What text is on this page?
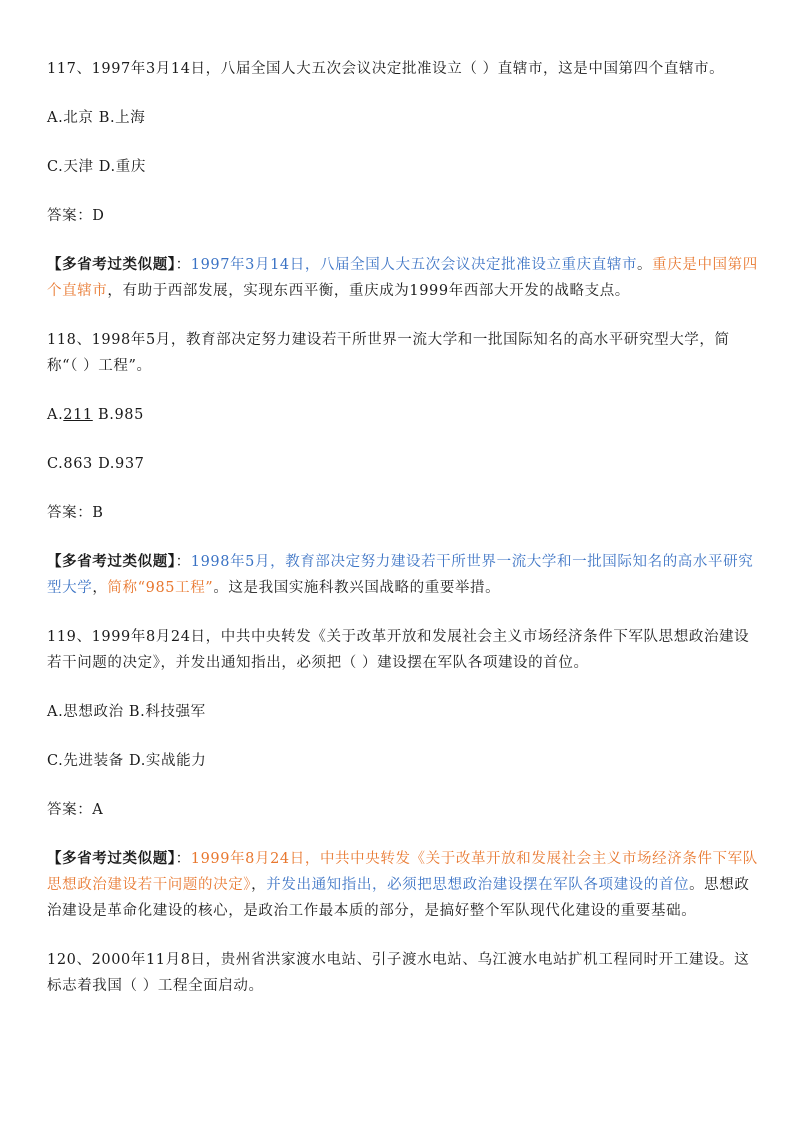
117、1997年3月14日，八届全国人大五次会议决定批准设立（ ）直辖市，这是中国第四个直辖市。

A.北京 B.上海

C.天津 D.重庆

答案：D

【多省考过类似题】：1997年3月14日，八届全国人大五次会议决定批准设立重庆直辖市。重庆是中国第四个直辖市，有助于西部发展，实现东西平衡，重庆成为1999年西部大开发的战略支点。

118、1998年5月，教育部决定努力建设若干所世界一流大学和一批国际知名的高水平研究型大学，简称“（ ）工程”。

A.211 B.985

C.863 D.937

答案：B

【多省考过类似题】：1998年5月，教育部决定努力建设若干所世界一流大学和一批国际知名的高水平研究型大学，简称“985工程”。这是我国实施科教兴国战略的重要举措。

119、1999年8月24日，中共中央转发《关于改革开放和发展社会主义市场经济条件下军队思想政治建设若干问题的决定》，并发出通知指出，必须把（ ）建设摆在军队各项建设的首位。

A.思想政治 B.科技强军

C.先进装备 D.实战能力

答案：A

【多省考过类似题】：1999年8月24日，中共中央转发《关于改革开放和发展社会主义市场经济条件下军队思想政治建设若干问题的决定》，并发出通知指出，必须把思想政治建设摆在军队各项建设的首位。思想政治建设是革命化建设的核心，是政治工作最本质的部分，是搞好整个军队现代化建设的重要基础。

120、2000年11月8日，贵州省洪家渡水电站、引子渡水电站、乌江渡水电站扩机工程同时开工建设。这标志着我国（ ）工程全面启动。
